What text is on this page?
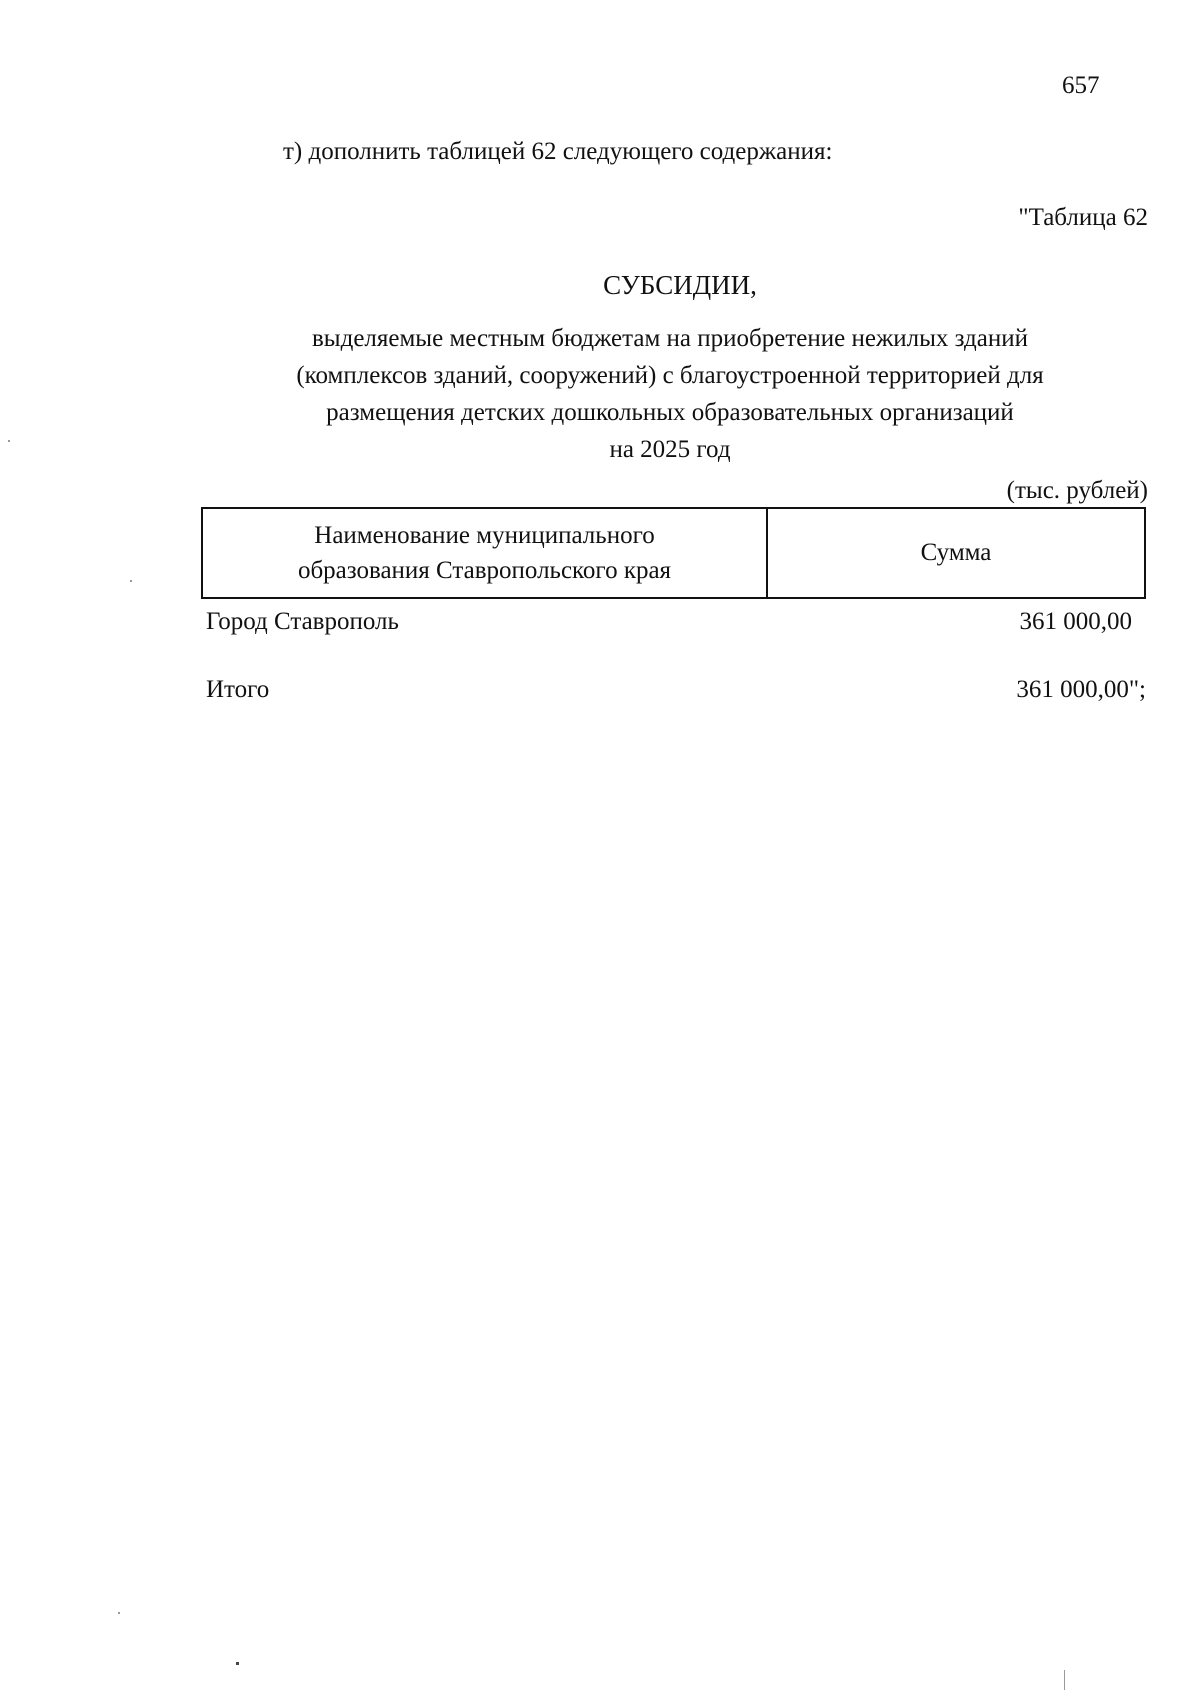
657
т) дополнить таблицей 62 следующего содержания:
"Таблица 62
СУБСИДИИ,
выделяемые местным бюджетам на приобретение нежилых зданий
(комплексов зданий, сооружений) с благоустроенной территорией для
размещения детских дошкольных образовательных организаций
на 2025 год
(тыс. рублей)
Наименование муниципального
образования Ставропольского края
Сумма
Город Ставрополь	361 000,00
Итого	361 000,00";
